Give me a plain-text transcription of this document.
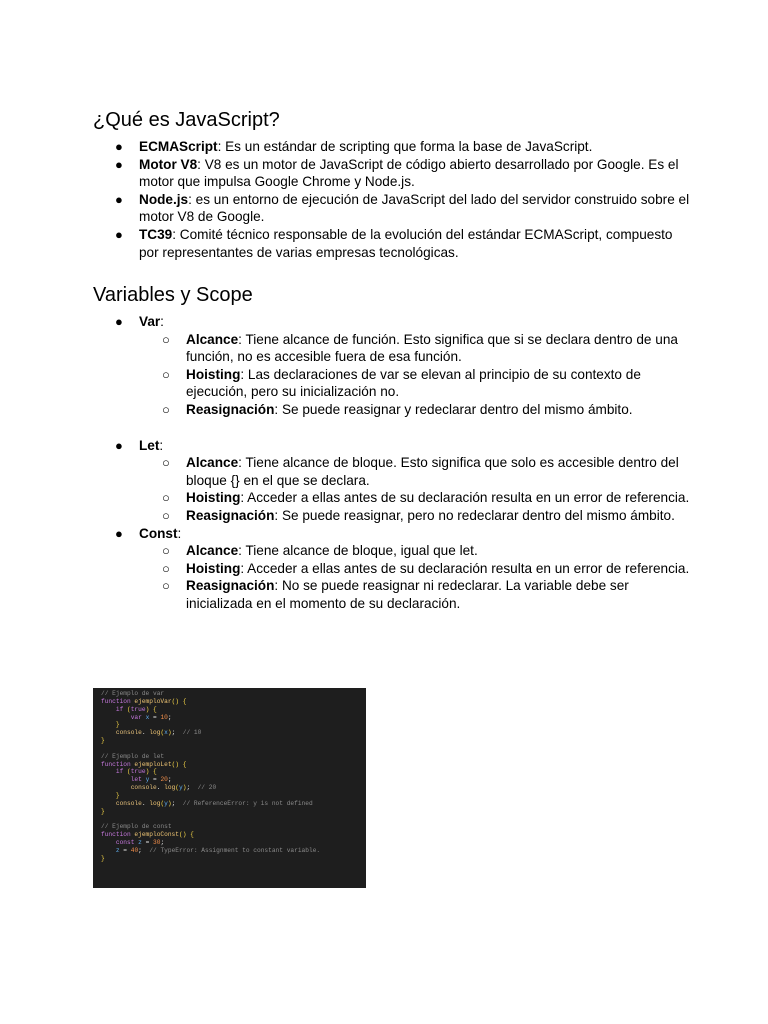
¿Qué es JavaScript?
● ECMAScript: Es un estándar de scripting que forma la base de JavaScript.
● Motor V8: V8 es un motor de JavaScript de código abierto desarrollado por Google. Es el motor que impulsa Google Chrome y Node.js.
● Node.js: es un entorno de ejecución de JavaScript del lado del servidor construido sobre el motor V8 de Google.
● TC39: Comité técnico responsable de la evolución del estándar ECMAScript, compuesto por representantes de varias empresas tecnológicas.
Variables y Scope
● Var:
○ Alcance: Tiene alcance de función. Esto significa que si se declara dentro de una función, no es accesible fuera de esa función.
○ Hoisting: Las declaraciones de var se elevan al principio de su contexto de ejecución, pero su inicialización no.
○ Reasignación: Se puede reasignar y redeclarar dentro del mismo ámbito.
● Let:
○ Alcance: Tiene alcance de bloque. Esto significa que solo es accesible dentro del bloque {} en el que se declara.
○ Hoisting: Acceder a ellas antes de su declaración resulta en un error de referencia.
○ Reasignación: Se puede reasignar, pero no redeclarar dentro del mismo ámbito.
● Const:
○ Alcance: Tiene alcance de bloque, igual que let.
○ Hoisting: Acceder a ellas antes de su declaración resulta en un error de referencia.
○ Reasignación: No se puede reasignar ni redeclarar. La variable debe ser inicializada en el momento de su declaración.
// Ejemplo de var
function ejemploVar() {
if (true) {
var x = 10;
}
console. log(x);  // 10
}

// Ejemplo de let
function ejemploLet() {
if (true) {
let y = 20;
console. log(y);  // 20
}
console. log(y);  // ReferenceError: y is not defined
}

// Ejemplo de const
function ejemploConst() {
const z = 30;
z = 40;  // TypeError: Assignment to constant variable.
}
